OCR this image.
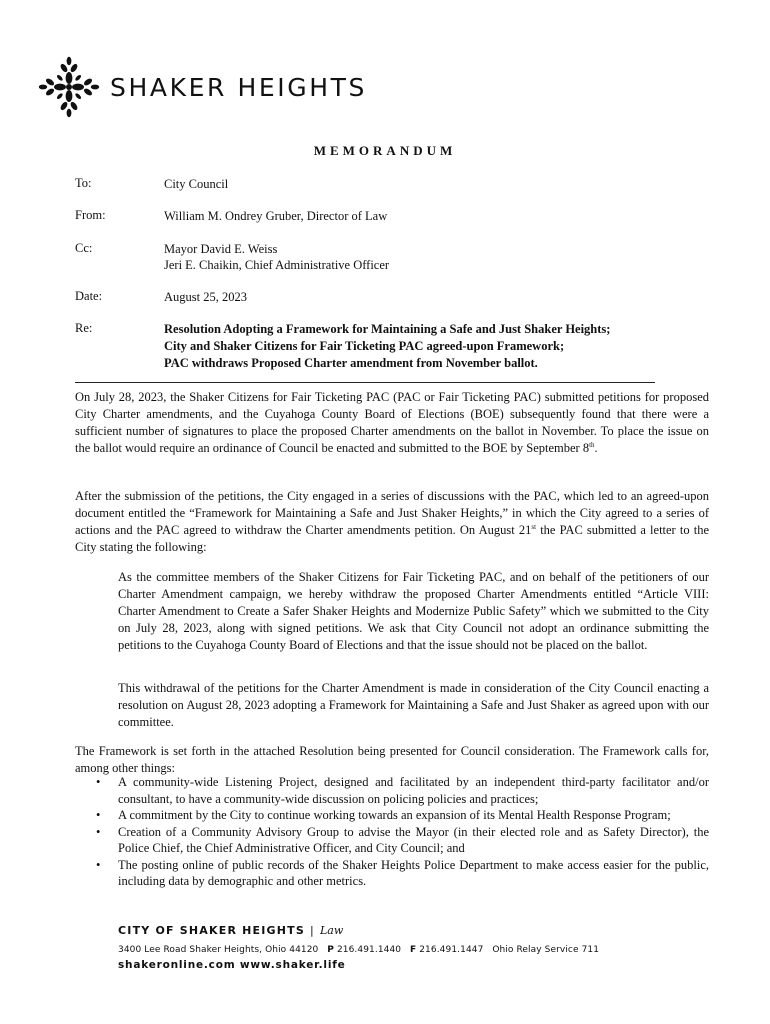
SHAKER HEIGHTS
MEMORANDUM
To:	City Council
From:	William M. Ondrey Gruber, Director of Law
Cc:	Mayor David E. Weiss
Jeri E. Chaikin, Chief Administrative Officer
Date:	August 25, 2023
Re:	Resolution Adopting a Framework for Maintaining a Safe and Just Shaker Heights;
City and Shaker Citizens for Fair Ticketing PAC agreed-upon Framework;
PAC withdraws Proposed Charter amendment from November ballot.

On July 28, 2023, the Shaker Citizens for Fair Ticketing PAC (PAC or Fair Ticketing PAC) submitted petitions for proposed City Charter amendments, and the Cuyahoga County Board of Elections (BOE) subsequently found that there were a sufficient number of signatures to place the proposed Charter amendments on the ballot in November. To place the issue on the ballot would require an ordinance of Council be enacted and submitted to the BOE by September 8th.

After the submission of the petitions, the City engaged in a series of discussions with the PAC, which led to an agreed-upon document entitled the “Framework for Maintaining a Safe and Just Shaker Heights,” in which the City agreed to a series of actions and the PAC agreed to withdraw the Charter amendments petition. On August 21st the PAC submitted a letter to the City stating the following:

As the committee members of the Shaker Citizens for Fair Ticketing PAC, and on behalf of the petitioners of our Charter Amendment campaign, we hereby withdraw the proposed Charter Amendments entitled “Article VIII: Charter Amendment to Create a Safer Shaker Heights and Modernize Public Safety” which we submitted to the City on July 28, 2023, along with signed petitions. We ask that City Council not adopt an ordinance submitting the petitions to the Cuyahoga County Board of Elections and that the issue should not be placed on the ballot.

This withdrawal of the petitions for the Charter Amendment is made in consideration of the City Council enacting a resolution on August 28, 2023 adopting a Framework for Maintaining a Safe and Just Shaker as agreed upon with our committee.

The Framework is set forth in the attached Resolution being presented for Council consideration. The Framework calls for, among other things:

• A community-wide Listening Project, designed and facilitated by an independent third-party facilitator and/or consultant, to have a community-wide discussion on policing policies and practices;
• A commitment by the City to continue working towards an expansion of its Mental Health Response Program;
• Creation of a Community Advisory Group to advise the Mayor (in their elected role and as Safety Director), the Police Chief, the Chief Administrative Officer, and City Council; and
• The posting online of public records of the Shaker Heights Police Department to make access easier for the public, including data by demographic and other metrics.
CITY OF SHAKER HEIGHTS | Law
3400 Lee Road Shaker Heights, Ohio 44120 P 216.491.1440 F 216.491.1447 Ohio Relay Service 711
shakeronline.com www.shaker.life
